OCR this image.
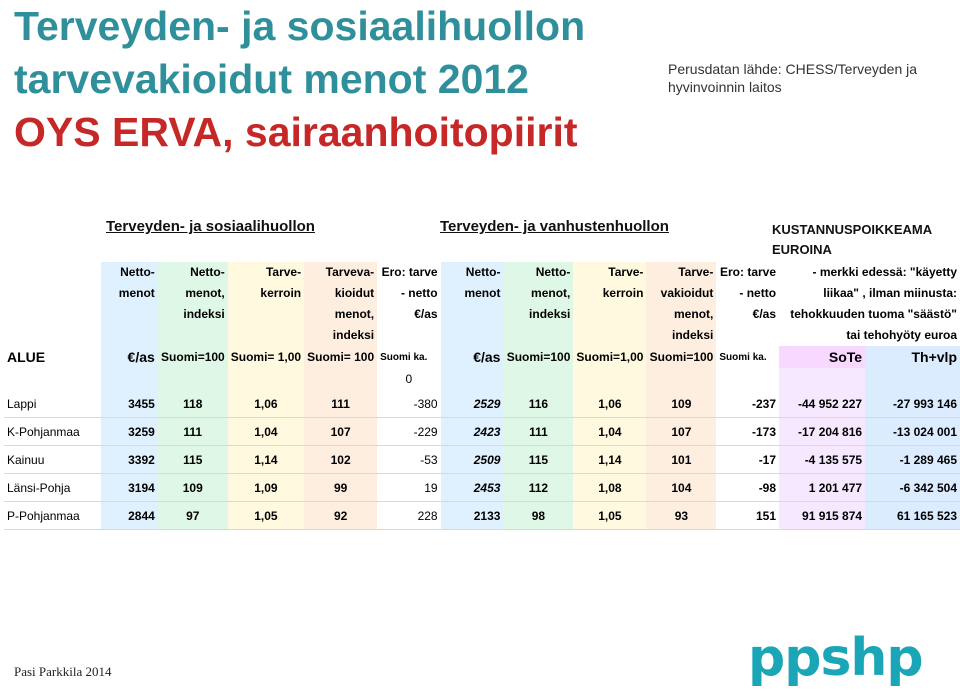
Terveyden- ja sosiaalihuollon
tarvevakioidut menot 2012
OYS ERVA, sairaanhoitopiirit
Perusdatan lähde: CHESS/Terveyden ja hyvinvoinnin laitos
Terveyden- ja sosiaalihuollon	Terveyden- ja vanhustenhuollon	KUSTANNUSPOIKKEAMA EUROINA
	Netto-menot	Netto-menot, indeksi	Tarve-kerroin	Tarveva-kioidut menot, indeksi	Ero: tarve - netto €/as	Netto-menot	Netto-menot, indeksi	Tarve-kerroin	Tarve-vakioidut menot, indeksi	Ero: tarve - netto €/as	- merkki edessä: "käyetty liikaa" , ilman miinusta: tehokkuuden tuoma "säästö" tai tehohyöty euroa	
ALUE	€/as	Suomi=100	Suomi= 1,00	Suomi= 100	Suomi ka.	€/as	Suomi=100	Suomi=1,00	Suomi=100	Suomi ka.	SoTe	Th+vlp
					0							
Lappi	3455	118	1,06	111	-380	2529	116	1,06	109	-237	-44 952 227	-27 993 146
K-Pohjanmaa	3259	111	1,04	107	-229	2423	111	1,04	107	-173	-17 204 816	-13 024 001
Kainuu	3392	115	1,14	102	-53	2509	115	1,14	101	-17	-4 135 575	-1 289 465
Länsi-Pohja	3194	109	1,09	99	19	2453	112	1,08	104	-98	1 201 477	-6 342 504
P-Pohjanmaa	2844	97	1,05	92	228	2133	98	1,05	93	151	91 915 874	61 165 523
Pasi Parkkila 2014	ppshp
